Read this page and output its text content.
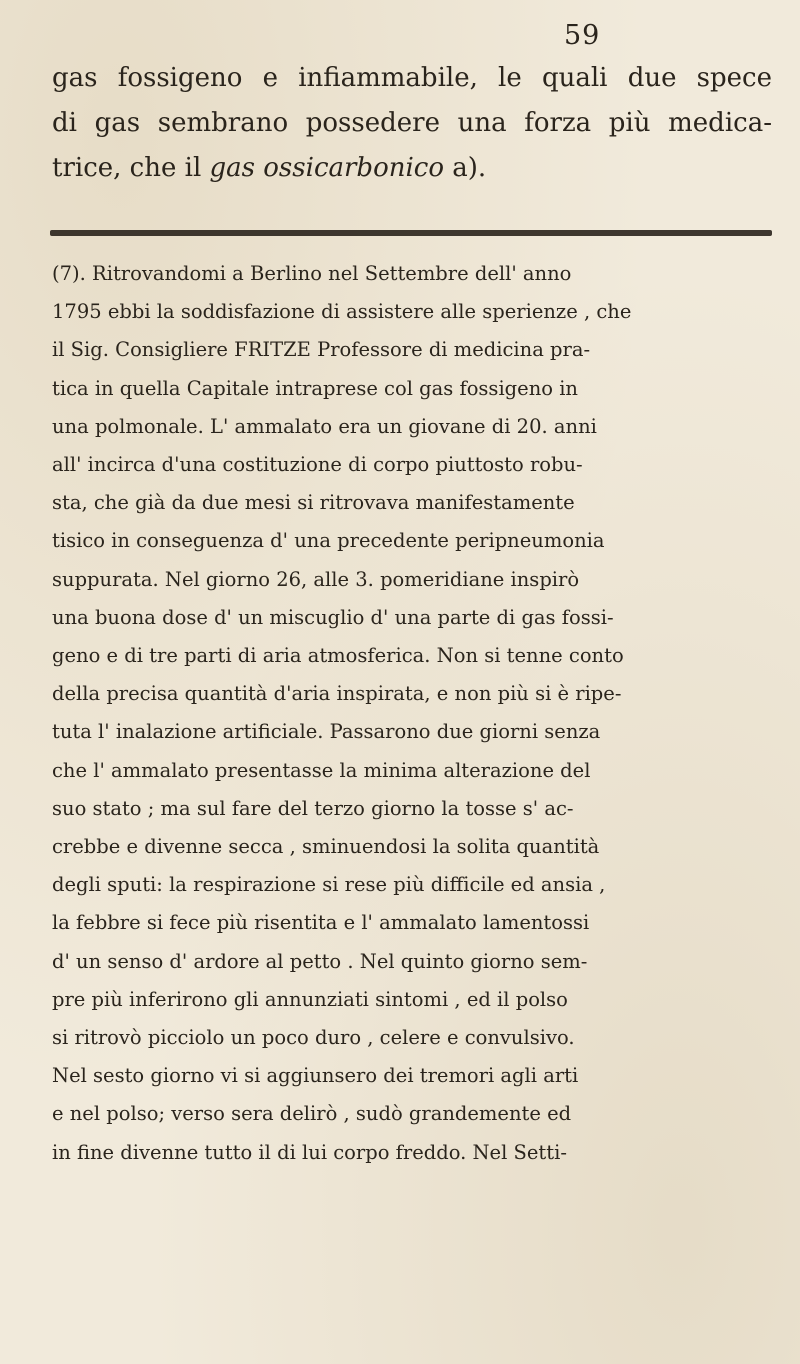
59
gas fossigeno e infiammabile, le quali due spece
di gas sembrano possedere una forza più medica-
trice, che il gas ossicarbonico a).
(7). Ritrovandomi a Berlino nel Settembre dell' anno
1795 ebbi la soddisfazione di assistere alle sperienze , che
il Sig. Consigliere FRITZE Professore di medicina pra-
tica in quella Capitale intraprese col gas fossigeno in
una polmonale. L' ammalato era un giovane di 20. anni
all' incirca d'una costituzione di corpo piuttosto robu-
sta, che già da due mesi si ritrovava manifestamente
tisico in conseguenza d' una precedente peripneumonia
suppurata. Nel giorno 26, alle 3. pomeridiane inspirò
una buona dose d' un miscuglio d' una parte di gas fossi-
geno e di tre parti di aria atmosferica. Non si tenne conto
della precisa quantità d'aria inspirata, e non più si è ripe-
tuta l' inalazione artificiale. Passarono due giorni senza
che l' ammalato presentasse la minima alterazione del
suo stato ; ma sul fare del terzo giorno la tosse s' ac-
crebbe e divenne secca , sminuendosi la solita quantità
degli sputi: la respirazione si rese più difficile ed ansia ,
la febbre si fece più risentita e l' ammalato lamentossi
d' un senso d' ardore al petto . Nel quinto giorno sem-
pre più inferirono gli annunziati sintomi , ed il polso
si ritrovò picciolo un poco duro , celere e convulsivo.
Nel sesto giorno vi si aggiunsero dei tremori agli arti
e nel polso; verso sera delirò , sudò grandemente ed
in fine divenne tutto il di lui corpo freddo. Nel Setti-
